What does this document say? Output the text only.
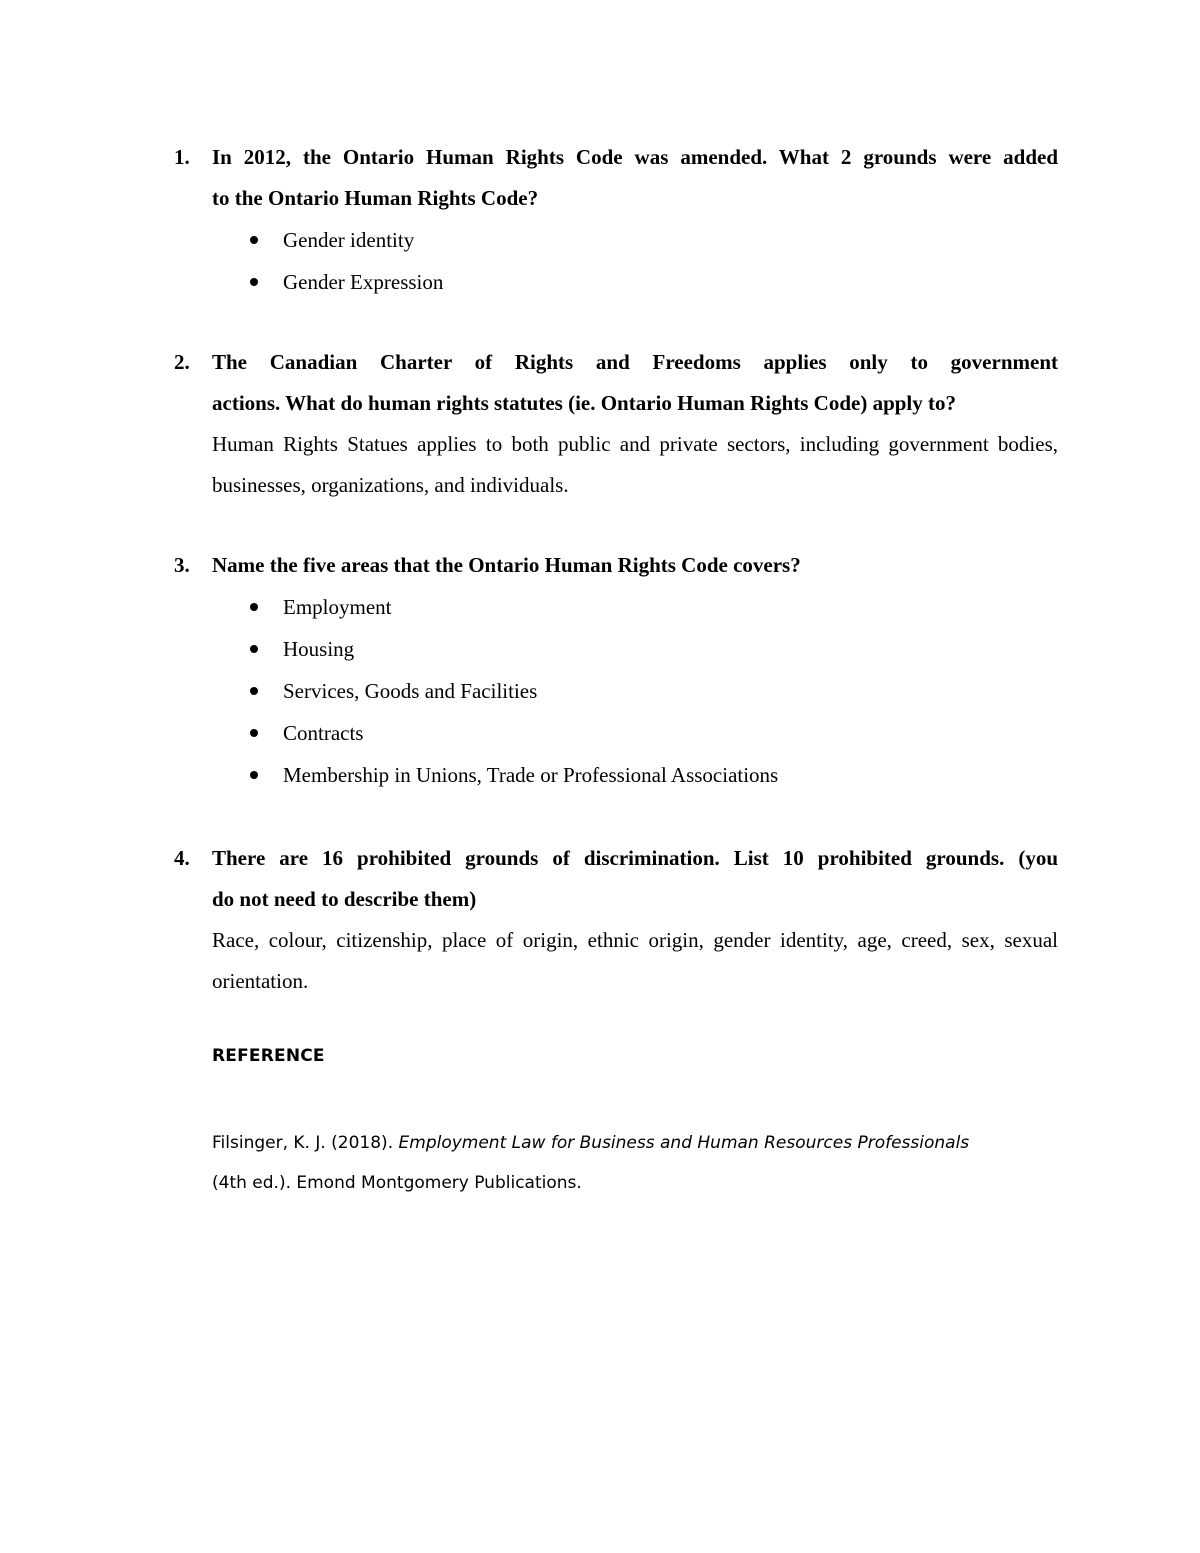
1. In 2012, the Ontario Human Rights Code was amended. What 2 grounds were added
to the Ontario Human Rights Code?
Gender identity
Gender Expression
2. The Canadian Charter of Rights and Freedoms applies only to government
actions. What do human rights statutes (ie. Ontario Human Rights Code) apply to?
Human Rights Statues applies to both public and private sectors, including government bodies, businesses, organizations, and individuals.
3. Name the five areas that the Ontario Human Rights Code covers?
Employment
Housing
Services, Goods and Facilities
Contracts
Membership in Unions, Trade or Professional Associations
4. There are 16 prohibited grounds of discrimination. List 10 prohibited grounds. (you
do not need to describe them)
Race, colour, citizenship, place of origin, ethnic origin, gender identity, age, creed, sex, sexual orientation.
REFERENCE
Filsinger, K. J. (2018). Employment Law for Business and Human Resources Professionals
(4th ed.). Emond Montgomery Publications.
